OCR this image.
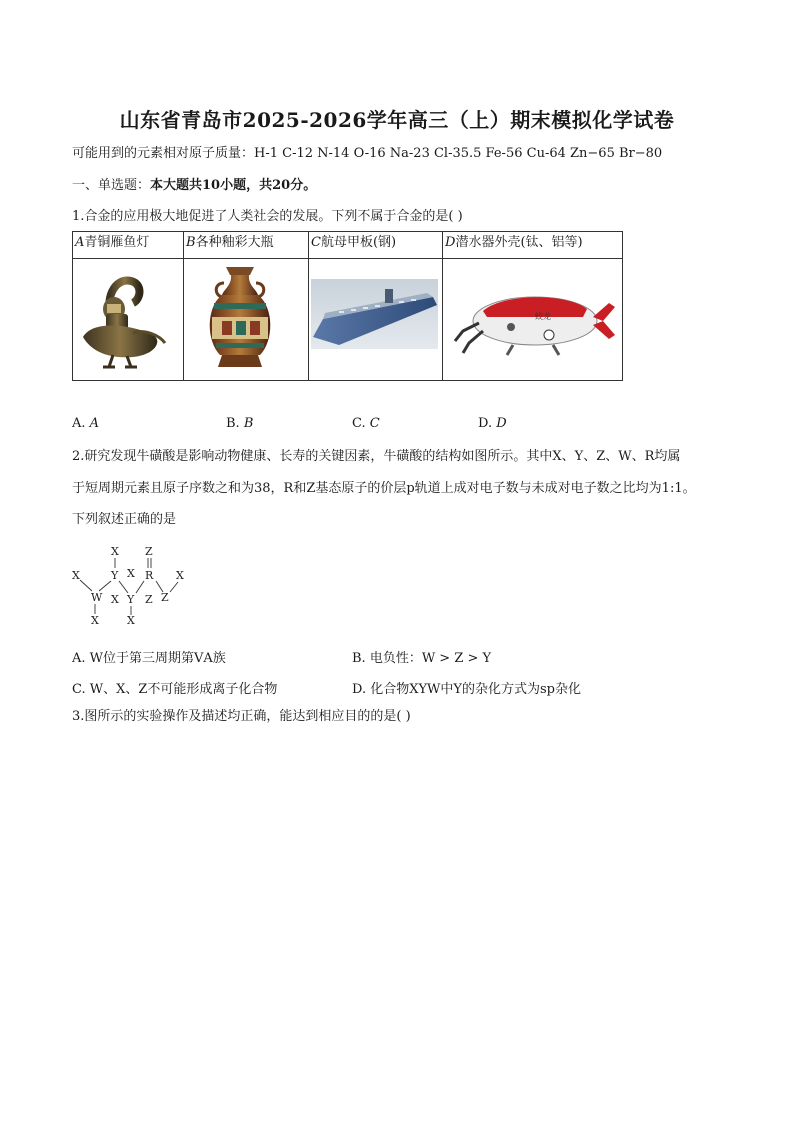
山东省青岛市2025-2026学年高三（上）期末模拟化学试卷
可能用到的元素相对原子质量：H-1 C-12 N-14 O-16 Na-23 Cl-35.5 Fe-56 Cu-64 Zn−65 Br−80
一、单选题：本大题共10小题，共20分。
1.合金的应用极大地促进了人类社会的发展。下列不属于合金的是( )
A青铜雁鱼灯	B各种釉彩大瓶	C航母甲板(钢)	D潜水器外壳(钛、铝等)

蛟龙
A. A	B. B	C. C	D. D
2.研究发现牛磺酸是影响动物健康、长寿的关键因素，牛磺酸的结构如图所示。其中X、Y、Z、W、R均属
于短周期元素且原子序数之和为38，R和Z基态原子的价层p轨道上成对电子数与未成对电子数之比均为1:1。
下列叙述正确的是
X
Y
X
W
X
X
X
Y
X
Z
R
Z Z
X
A. W位于第三周期第ⅤA族	B. 电负性：W > Z > Y
C. W、X、Z不可能形成离子化合物	D. 化合物XYW中Y的杂化方式为sp杂化
3.图所示的实验操作及描述均正确，能达到相应目的的是( )
